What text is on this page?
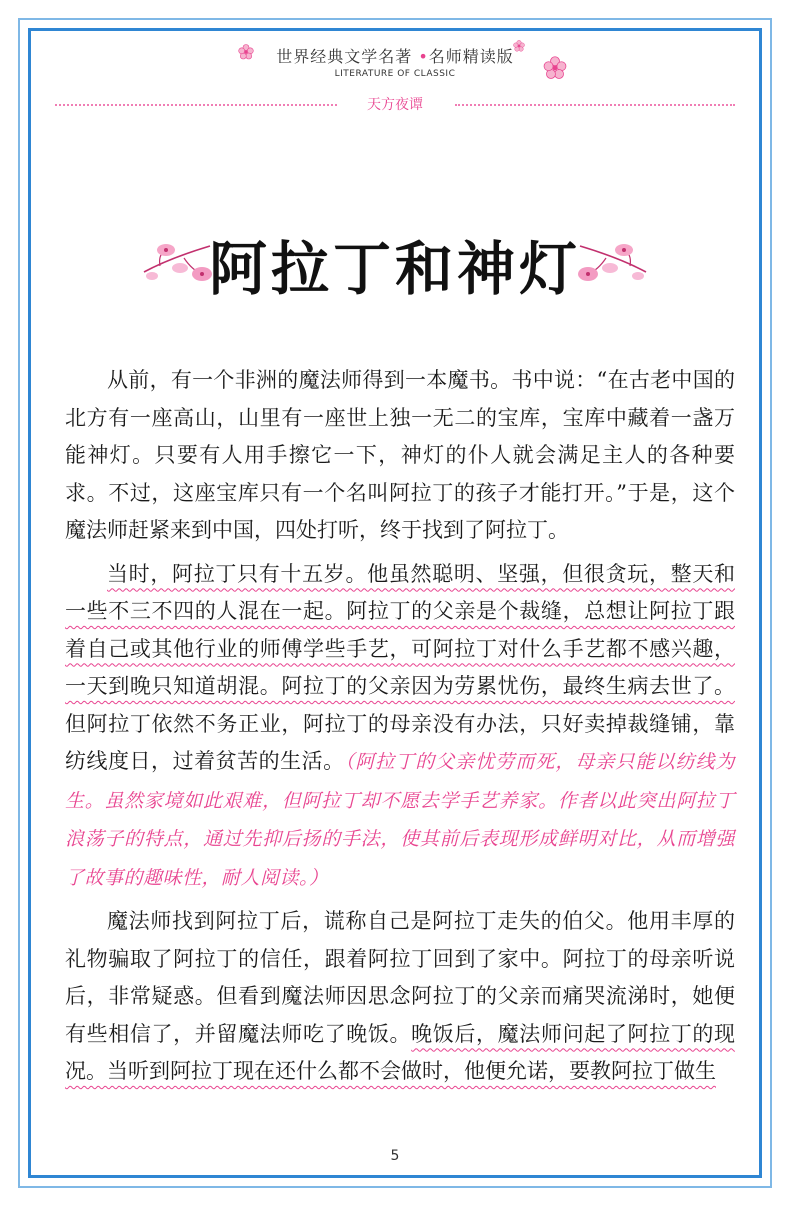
世界经典文学名著 •名师精读版
LITERATURE OF CLASSIC
天方夜谭
阿拉丁和神灯

从前，有一个非洲的魔法师得到一本魔书。书中说：“在古老中国的北方有一座高山，山里有一座世上独一无二的宝库，宝库中藏着一盏万能神灯。只要有人用手擦它一下，神灯的仆人就会满足主人的各种要求。不过，这座宝库只有一个名叫阿拉丁的孩子才能打开。”于是，这个魔法师赶紧来到中国，四处打听，终于找到了阿拉丁。

当时，阿拉丁只有十五岁。他虽然聪明、坚强，但很贪玩，整天和一些不三不四的人混在一起。阿拉丁的父亲是个裁缝，总想让阿拉丁跟着自己或其他行业的师傅学些手艺，可阿拉丁对什么手艺都不感兴趣，一天到晚只知道胡混。阿拉丁的父亲因为劳累忧伤，最终生病去世了。但阿拉丁依然不务正业，阿拉丁的母亲没有办法，只好卖掉裁缝铺，靠纺线度日，过着贫苦的生活。（阿拉丁的父亲忧劳而死，母亲只能以纺线为生。虽然家境如此艰难，但阿拉丁却不愿去学手艺养家。作者以此突出阿拉丁浪荡子的特点，通过先抑后扬的手法，使其前后表现形成鲜明对比，从而增强了故事的趣味性，耐人阅读。）

魔法师找到阿拉丁后，谎称自己是阿拉丁走失的伯父。他用丰厚的礼物骗取了阿拉丁的信任，跟着阿拉丁回到了家中。阿拉丁的母亲听说后，非常疑惑。但看到魔法师因思念阿拉丁的父亲而痛哭流涕时，她便有些相信了，并留魔法师吃了晚饭。晚饭后，魔法师问起了阿拉丁的现况。当听到阿拉丁现在还什么都不会做时，他便允诺，要教阿拉丁做生

5
